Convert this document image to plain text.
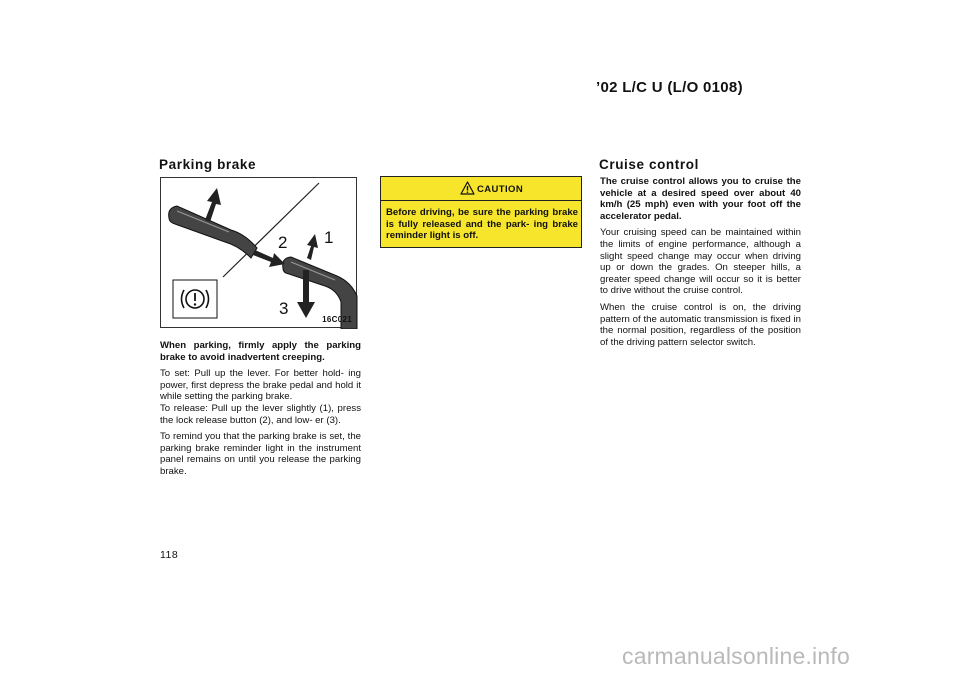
’02 L/C U (L/O 0108)
Parking brake
1
2
3
16C021

When parking, firmly apply the parking brake to avoid inadvertent creeping.

To set: Pull up the lever. For better hold- ing power, first depress the brake pedal and hold it while setting the parking brake.

To release: Pull up the lever slightly (1), press the lock release button (2), and low- er (3).

To remind you that the parking brake is set, the parking brake reminder light in the instrument panel remains on until you release the parking brake.

CAUTION
Before driving, be sure the parking brake is fully released and the park- ing brake reminder light is off.
Cruise control

The cruise control allows you to cruise the vehicle at a desired speed over about 40 km/h (25 mph) even with your foot off the accelerator pedal.

Your cruising speed can be maintained within the limits of engine performance, although a slight speed change may occur when driving up or down the grades. On steeper hills, a greater speed change will occur so it is better to drive without the cruise control.

When the cruise control is on, the driving pattern of the automatic transmission is fixed in the normal position, regardless of the position of the driving pattern selector switch.

118
carmanualsonline.info
